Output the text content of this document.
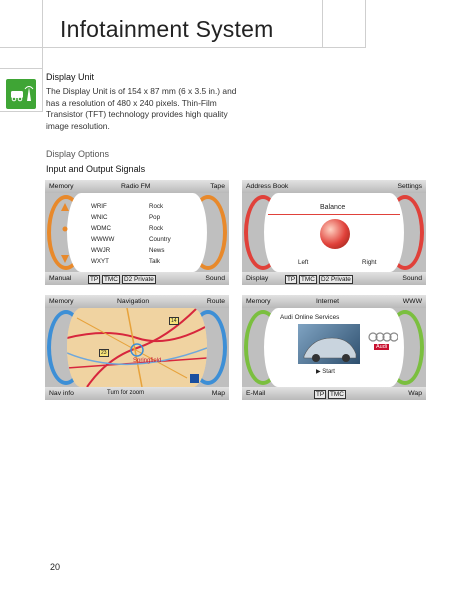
Infotainment System
Display Unit
The Display Unit is of 154 x 87 mm (6 x 3.5 in.) and has a resolution of 480 x 240 pixels. Thin-Film Transistor (TFT) technology provides high quality image resolution.
Display Options
Input and Output Signals
Memory	Radio FM	Tape
WRIF	Rock
WNIC	Pop
WDMC	Rock
WWWW	Country
WWJR	News
WXYT	Talk
Manual	TP TMC D2 Private	Sound
Address Book	Settings
Balance
Left	Right
Display	TP TMC D2 Private	Sound
Memory	Navigation	Route
23
14
Springfield
Nav info	Turn for zoom	Map
Memory	Internet	WWW
Audi Online Services
Audi
▶ Start
E-Mail	TP TMC	Wap
20
